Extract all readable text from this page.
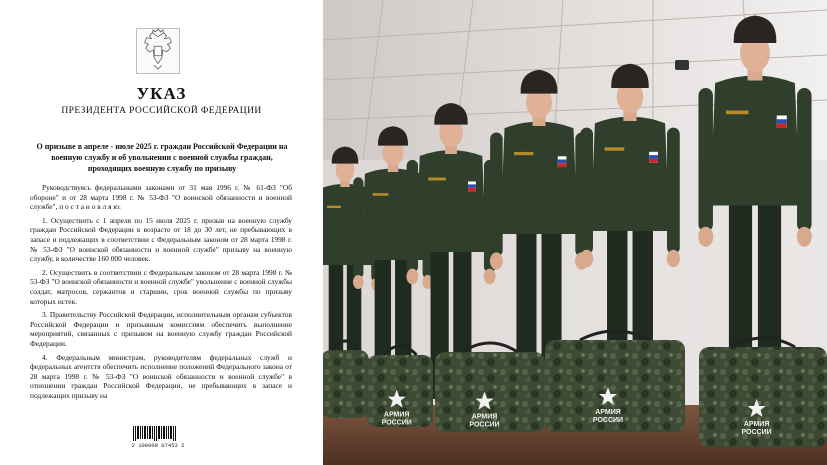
УКАЗ
ПРЕЗИДЕНТА РОССИЙСКОЙ ФЕДЕРАЦИИ
О призыве в апреле - июле 2025 г. граждан Российской Федерации на военную службу и об увольнении с военной службы граждан, проходящих военную службу по призыву

Руководствуясь федеральными законами от 31 мая 1996 г. № 61-ФЗ "Об обороне" и от 28 марта 1998 г. № 53-ФЗ "О воинской обязанности и военной службе", п о с т а н о в л я ю:

1. Осуществить с 1 апреля по 15 июля 2025 г. призыв на военную службу граждан Российской Федерации в возрасте от 18 до 30 лет, не пребывающих в запасе и подлежащих в соответствии с Федеральным законом от 28 марта 1998 г. № 53-ФЗ "О воинской обязанности и военной службе" призыву на военную службу, в количестве 160 000 человек.

2. Осуществить в соответствии с Федеральным законом от 28 марта 1998 г. № 53-ФЗ "О воинской обязанности и военной службе" увольнение с военной службы солдат, матросов, сержантов и старшин, срок военной службы по призыву которых истек.

3. Правительству Российской Федерации, исполнительным органам субъектов Российской Федерации и призывным комиссиям обеспечить выполнение мероприятий, связанных с призывом на военную службу граждан Российской Федерации.

4. Федеральным министрам, руководителям федеральных служб и федеральных агентств обеспечить исполнение положений Федерального закона от 28 марта 1998 г. № 53-ФЗ "О воинской обязанности и военной службе" в отношении граждан Российской Федерации, не пребывающих в запасе и подлежащих призыву на

2 100008 07453 2
АРМИЯ
РОССИИ
АРМИЯ
РОССИИ
АРМИЯ
РОССИИ
АРМИЯ
РОССИИ
